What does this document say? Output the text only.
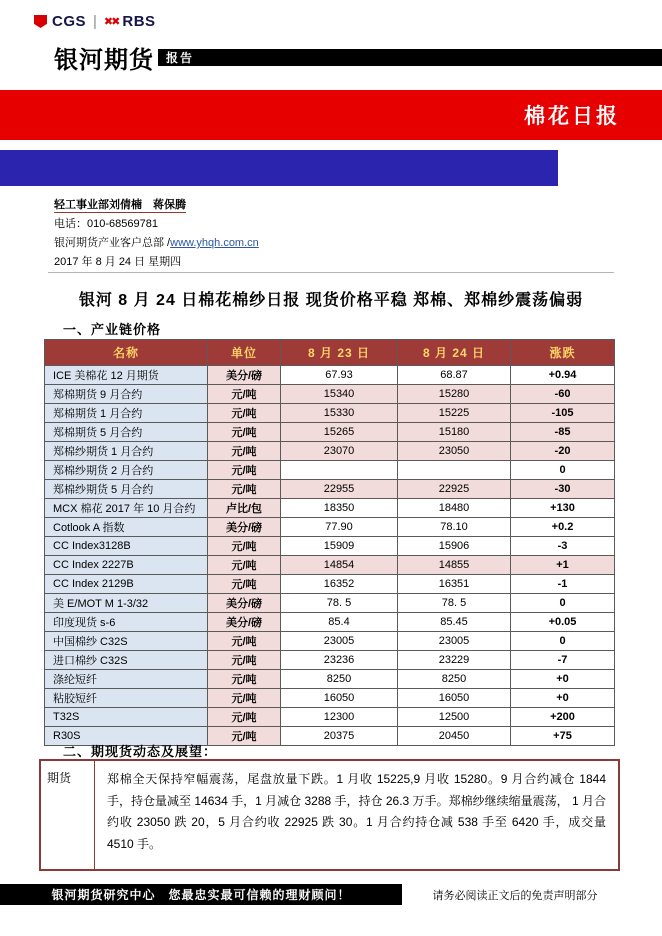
CGS | ✖✖ RBS
银河期货	报告
棉花日报
轻工事业部刘倩楠　蒋保腾
电话：010-68569781
银河期货产业客户总部 /www.yhqh.com.cn
2017 年 8 月 24 日 星期四
银河 8 月 24 日棉花棉纱日报 现货价格平稳 郑棉、郑棉纱震荡偏弱
一、产业链价格
名称	单位	8 月 23 日	8 月 24 日	涨跌
ICE 美棉花 12 月期货	美分/磅	67.93	68.87	+0.94
郑棉期货 9 月合约	元/吨	15340	15280	-60
郑棉期货 1 月合约	元/吨	15330	15225	-105
郑棉期货 5 月合约	元/吨	15265	15180	-85
郑棉纱期货 1 月合约	元/吨	23070	23050	-20
郑棉纱期货 2 月合约	元/吨			0
郑棉纱期货 5 月合约	元/吨	22955	22925	-30
MCX 棉花 2017 年 10 月合约	卢比/包	18350	18480	+130
Cotlook A 指数	美分/磅	77.90	78.10	+0.2
CC Index3128B	元/吨	15909	15906	-3
CC Index 2227B	元/吨	14854	14855	+1
CC Index 2129B	元/吨	16352	16351	-1
美 E/MOT M 1-3/32	美分/磅	78. 5	78. 5	0
印度现货 s-6	美分/磅	85.4	85.45	+0.05
中国棉纱 C32S	元/吨	23005	23005	0
进口棉纱 C32S	元/吨	23236	23229	-7
涤纶短纤	元/吨	8250	8250	+0
粘胶短纤	元/吨	16050	16050	+0
T32S	元/吨	12300	12500	+200
R30S	元/吨	20375	20450	+75
二、期现货动态及展望：
期货	郑棉全天保持窄幅震荡，尾盘放量下跌。1 月收 15225,9 月收 15280。9 月合约减仓 1844 手，持仓量减至 14634 手，1 月减仓 3288 手，持仓 26.3 万手。郑棉纱继续缩量震荡， 1 月合约收 23050 跌 20，5 月合约收 22925 跌 30。1 月合约持仓减 538 手至 6420 手，成交量 4510 手。
银河期货研究中心　您最忠实最可信赖的理财顾问！	请务必阅读正文后的免责声明部分
